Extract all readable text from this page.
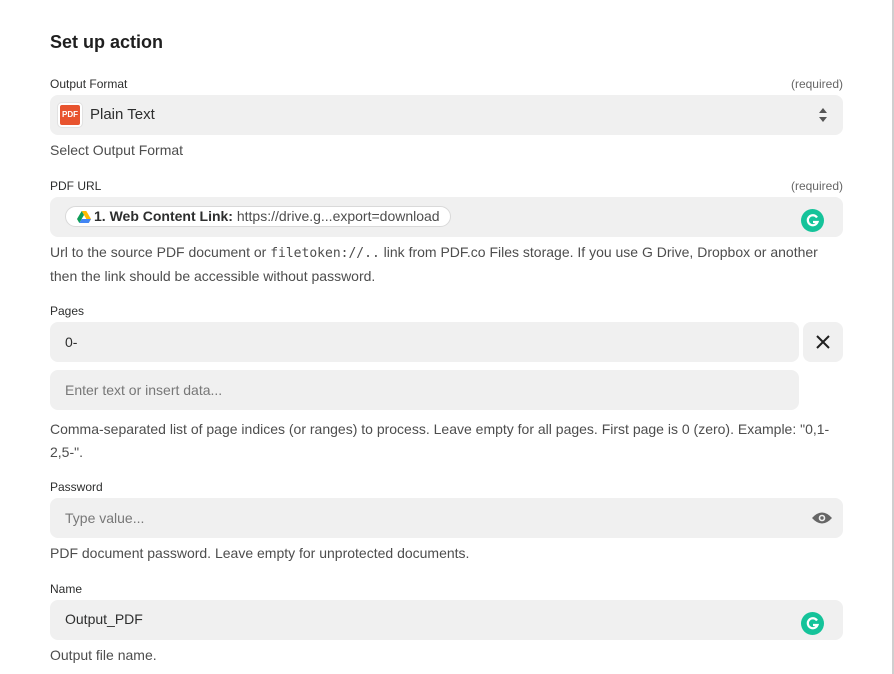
Set up action
Output Format	(required)
PDF Plain Text
Select Output Format
PDF URL	(required)
1. Web Content Link: https://drive.g...export=download
Url to the source PDF document or filetoken://.. link from PDF.co Files storage. If you use G Drive, Dropbox or another then the link should be accessible without password.
Pages
0-
Enter text or insert data...
Comma-separated list of page indices (or ranges) to process. Leave empty for all pages. First page is 0 (zero). Example: "0,1-2,5-".
Password
Type value...
PDF document password. Leave empty for unprotected documents.
Name
Output_PDF
Output file name.
